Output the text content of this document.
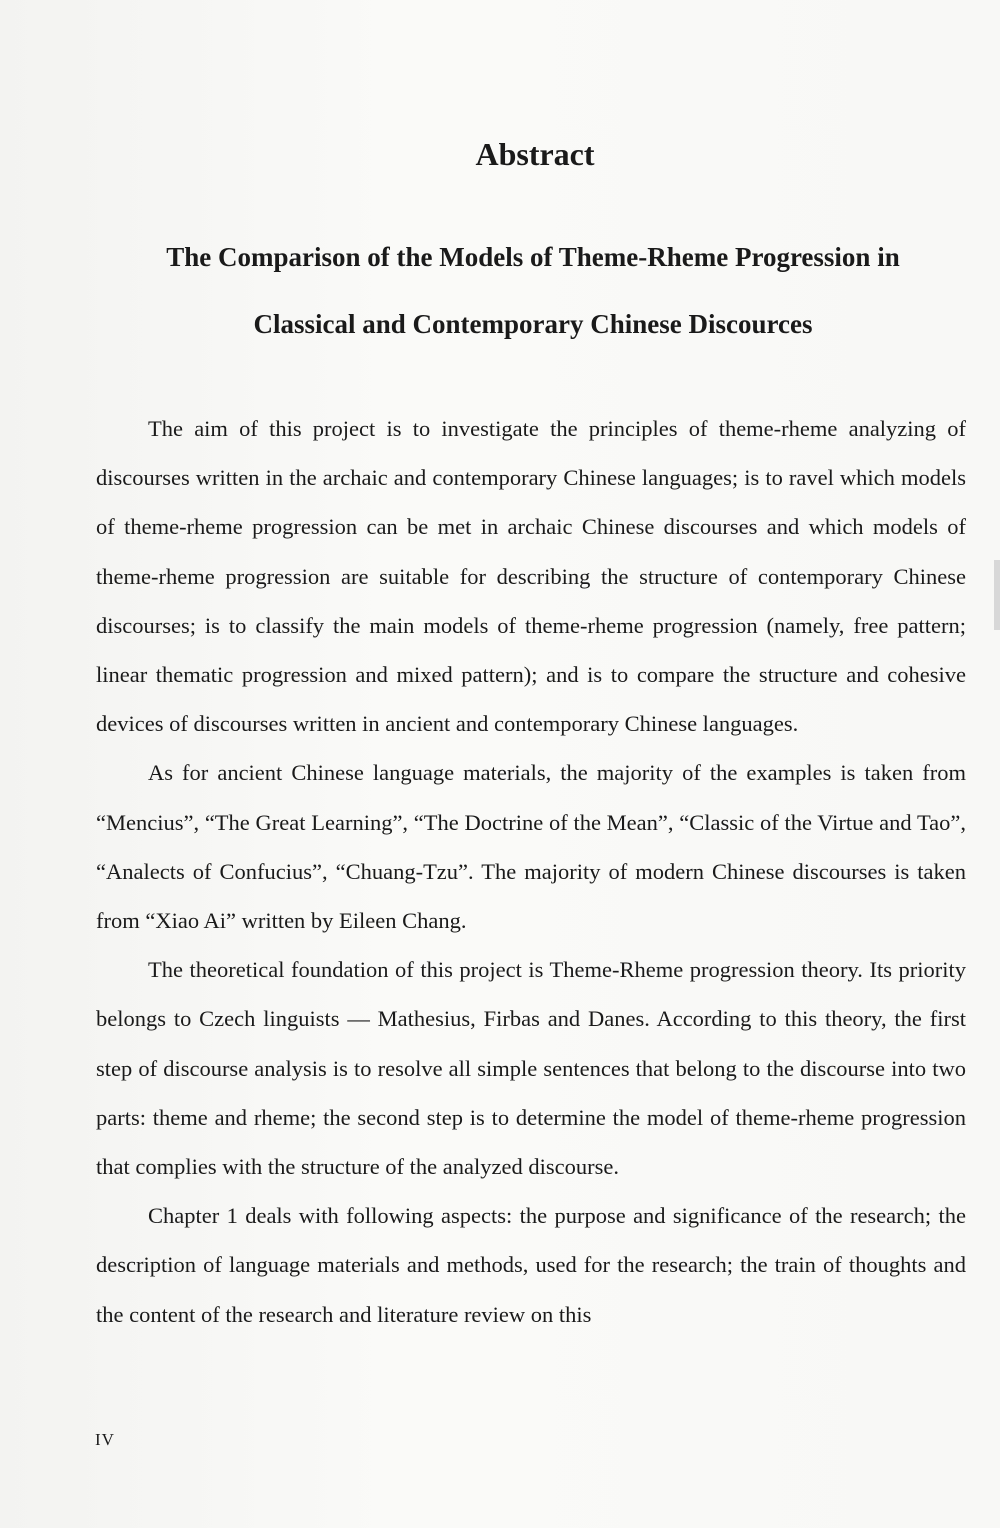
Abstract
The Comparison of the Models of Theme-Rheme Progression in
Classical and Contemporary Chinese Discources

The aim of this project is to investigate the principles of theme-rheme analyzing of discourses written in the archaic and contemporary Chinese languages; is to ravel which models of theme-rheme progression can be met in archaic Chinese discourses and which models of theme-rheme progression are suitable for describing the structure of contemporary Chinese discourses; is to classify the main models of theme-rheme progression (namely, free pattern; linear thematic progression and mixed pattern); and is to compare the structure and cohesive devices of discourses written in ancient and contemporary Chinese languages.

As for ancient Chinese language materials, the majority of the examples is taken from “Mencius”, “The Great Learning”, “The Doctrine of the Mean”, “Classic of the Virtue and Tao”, “Analects of Confucius”, “Chuang-Tzu”. The majority of modern Chinese discourses is taken from “Xiao Ai” written by Eileen Chang.

The theoretical foundation of this project is Theme-Rheme progression theory. Its priority belongs to Czech linguists — Mathesius, Firbas and Danes. According to this theory, the first step of discourse analysis is to resolve all simple sentences that belong to the discourse into two parts: theme and rheme; the second step is to determine the model of theme-rheme progression that complies with the structure of the analyzed discourse.

Chapter 1 deals with following aspects: the purpose and significance of the research; the description of language materials and methods, used for the research; the train of thoughts and the content of the research and literature review on this

IV
